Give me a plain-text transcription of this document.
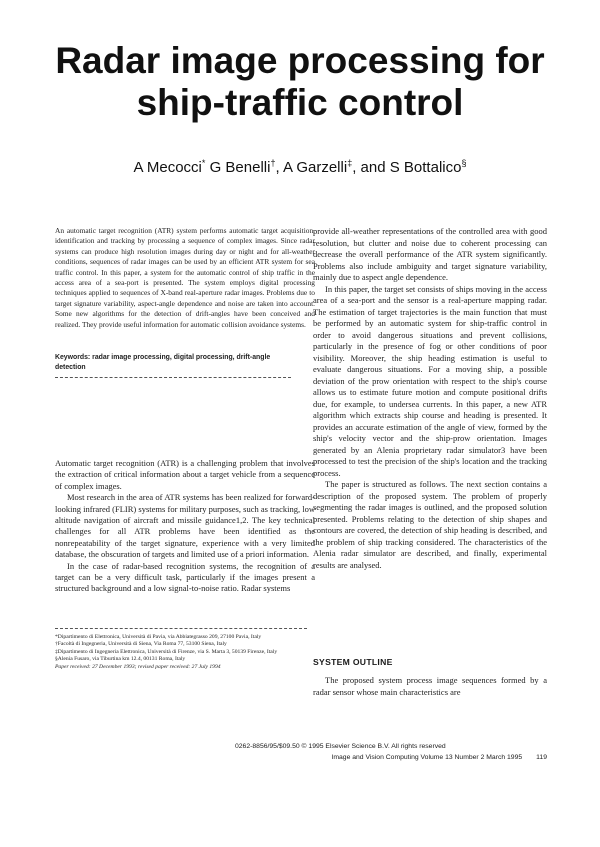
Radar image processing for
ship-traffic control
A Mecocci* G Benelli†, A Garzelli‡, and S Bottalico§
An automatic target recognition (ATR) system performs automatic target acquisition, identification and tracking by processing a sequence of complex images. Since radar systems can produce high resolution images during day or night and for all-weather conditions, sequences of radar images can be used by an efficient ATR system for sea traffic control. In this paper, a system for the automatic control of ship traffic in the access area of a sea-port is presented. The system employs digital processing techniques applied to sequences of X-band real-aperture radar images. Problems due to target signature variability, aspect-angle dependence and noise are taken into account. Some new algorithms for the detection of drift-angles have been conceived and realized. They provide useful information for automatic collision avoidance systems.
Keywords: radar image processing, digital processing, drift-angle detection

Automatic target recognition (ATR) is a challenging problem that involves the extraction of critical information about a target vehicle from a sequence of complex images.

Most research in the area of ATR systems has been realized for forward-looking infrared (FLIR) systems for military purposes, such as tracking, low altitude navigation of aircraft and missile guidance1,2. The key technical challenges for all ATR problems have been identified as the nonrepeatability of the target signature, experience with a very limited database, the obscuration of targets and limited use of a priori information.

In the case of radar-based recognition systems, the recognition of a target can be a very difficult task, particularly if the images present a structured background and a low signal-to-noise ratio. Radar systems

*Dipartimento di Elettronica, Università di Pavia, via Abbiategrasso 209, 27100 Pavia, Italy
†Facoltà di Ingegneria, Università di Siena, Via Roma 77, 53100 Siena, Italy
‡Dipartimento di Ingegneria Elettronica, Università di Firenze, via S. Marta 3, 50139 Firenze, Italy
§Alenia Fusaro, via Tiburtina km 12.4, 00131 Roma, Italy
Paper received: 27 December 1993; revised paper received: 27 July 1994

provide all-weather representations of the controlled area with good resolution, but clutter and noise due to coherent processing can decrease the overall performance of the ATR system significantly. Problems also include ambiguity and target signature variability, mainly due to aspect angle dependence.

In this paper, the target set consists of ships moving in the access area of a sea-port and the sensor is a real-aperture mapping radar. The estimation of target trajectories is the main function that must be performed by an automatic system for ship-traffic control in order to avoid dangerous situations and prevent collisions, particularly in the presence of fog or other conditions of poor visibility. Moreover, the ship heading estimation is useful to evaluate dangerous situations. For a moving ship, a possible deviation of the prow orientation with respect to the ship's course allows us to estimate future motion and compute positional drifts due, for example, to undersea currents. In this paper, a new ATR algorithm which extracts ship course and heading is presented. It provides an accurate estimation of the angle of view, formed by the ship's velocity vector and the ship-prow orientation. Images generated by an Alenia proprietary radar simulator3 have been processed to test the precision of the ship's location and the tracking process.

The paper is structured as follows. The next section contains a description of the proposed system. The problem of properly segmenting the radar images is outlined, and the proposed solution presented. Problems relating to the detection of ship shapes and contours are covered, the detection of ship heading is described, and the problem of ship tracking considered. The characteristics of the Alenia radar simulator are described, and finally, experimental results are analysed.

SYSTEM OUTLINE

The proposed system process image sequences formed by a radar sensor whose main characteristics are

0262-8856/95/$09.50 © 1995 Elsevier Science B.V. All rights reserved
Image and Vision Computing Volume 13 Number 2 March 1995 119
